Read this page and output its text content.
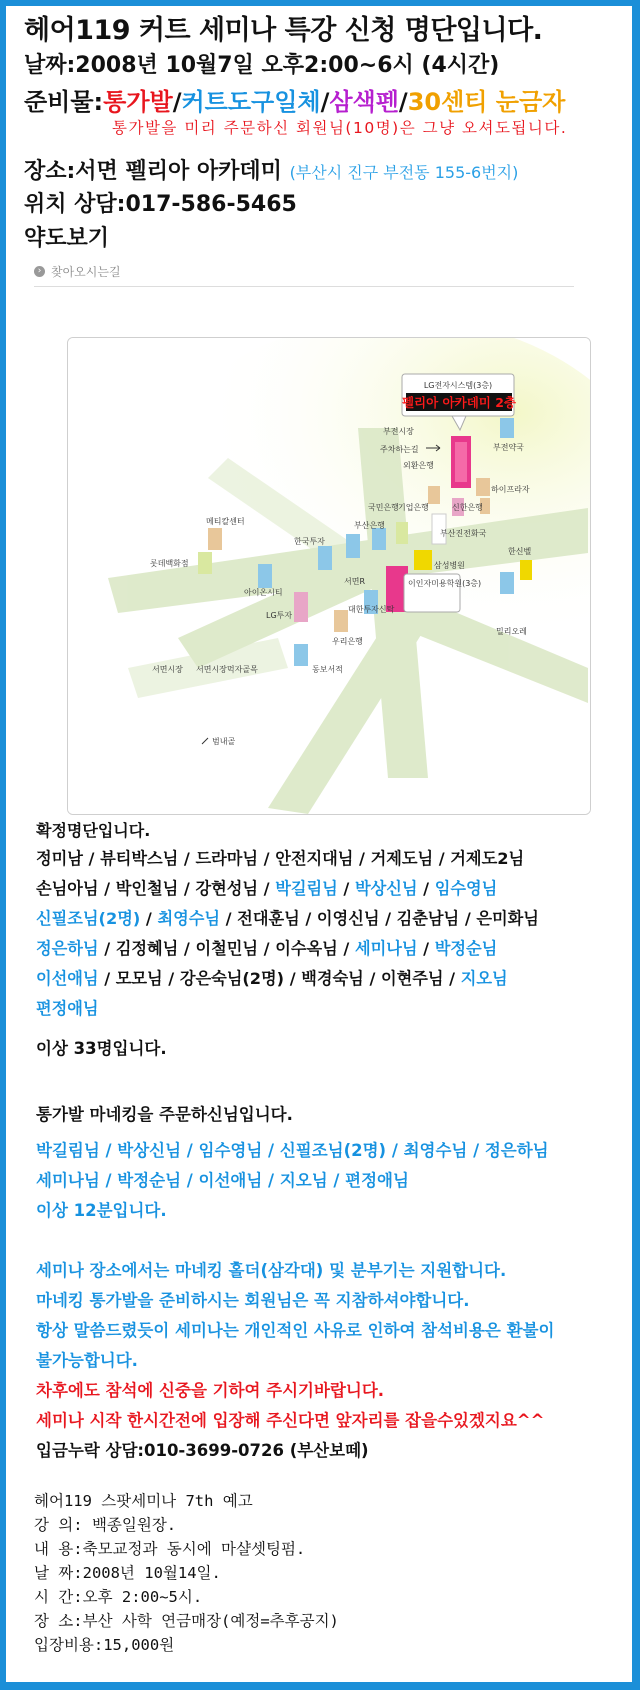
헤어119 커트 세미나 특강 신청 명단입니다.
날짜:2008년 10월7일 오후2:00~6시 (4시간)
준비물:통가발/커트도구일체/삼색펜/30센티 눈금자
통가발을 미리 주문하신 회원님(10명)은 그냥 오셔도됩니다.
장소:서면 펠리아 아카데미 (부산시 진구 부전동 155-6번지)
위치 상담:017-586-5465
약도보기
› 찾아오시는길
LG전자시스템(3층)
펠리아 아카데미 2층
부전시장
주차하는길	부전약국
외환은행
하이프라자
메티칼센터
국민은행 기업은행	신한은행
부산은행
부산진전화국
한국투자
한신벨
롯데백화점
아이온시티
서면R
삼성병원
LG투자
대한투자신탁
이인자미용학원(3층)
우리은행
밀리오레
서면시장 서면시장먹자골목	동보서적
범내골
확정명단입니다.
정미남 / 뷰티박스님 / 드라마님 / 안전지대님 / 거제도님 / 거제도2님
손님아님 / 박인철님 / 강현성님 / 박길림님 / 박상신님 / 임수영님
신필조님(2명) / 최영수님 / 전대훈님 / 이영신님 / 김춘남님 / 은미화님
정은하님 / 김정혜님 / 이철민님 / 이수옥님 / 세미나님 / 박정순님
이선애님 / 모모님 / 강은숙님(2명) / 백경숙님 / 이현주님 / 지오님
편정애님
이상 33명입니다.
통가발 마네킹을 주문하신님입니다.
박길림님 / 박상신님 / 임수영님 / 신필조님(2명) / 최영수님 / 정은하님
세미나님 / 박정순님 / 이선애님 / 지오님 / 편정애님
이상 12분입니다.
세미나 장소에서는 마네킹 홀더(삼각대) 및 분부기는 지원합니다.
마네킹 통가발을 준비하시는 회원님은 꼭 지참하셔야합니다.
항상 말씀드렸듯이 세미나는 개인적인 사유로 인하여 참석비용은 환불이
불가능합니다.
차후에도 참석에 신중을 기하여 주시기바랍니다.
세미나 시작 한시간전에 입장해 주신다면 앞자리를 잡을수있겠지요^^
입금누락 상담:010-3699-0726 (부산보떼)
헤어119 스팟세미나 7th 예고
강 의: 백종일원장.
내 용:축모교정과 동시에 마샬셋팅펌.
날 짜:2008년 10월14일.
시 간:오후 2:00~5시.
장 소:부산 사학 연금매장(예정=추후공지)
입장비용:15,000원
